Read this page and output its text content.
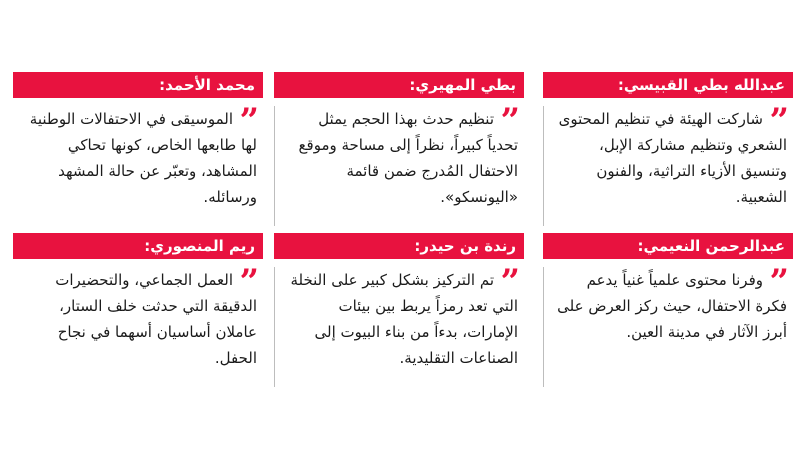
عبدالله بطي القبيسي:
”

شاركت الهيئة في تنظيم المحتوى الشعري وتنظيم مشاركة الإبل، وتنسيق الأزياء التراثية، والفنون الشعبية.

بطي المهيري:
”

تنظيم حدث بهذا الحجم يمثل تحدياً كبيراً، نظراً إلى مساحة وموقع الاحتفال المُدرج ضمن قائمة «اليونسكو».

محمد الأحمد:
”

الموسيقى في الاحتفالات الوطنية لها طابعها الخاص، كونها تحاكي المشاهد، وتعبّر عن حالة المشهد ورسائله.

عبدالرحمن النعيمي:
”

وفرنا محتوى علمياً غنياً يدعم فكرة الاحتفال، حيث ركز العرض على أبرز الآثار في مدينة العين.

رندة بن حيدر:
”

تم التركيز بشكل كبير على النخلة التي تعد رمزاً يربط بين بيئات الإمارات، بدءاً من بناء البيوت إلى الصناعات التقليدية.

ريم المنصوري:
”

العمل الجماعي، والتحضيرات الدقيقة التي حدثت خلف الستار، عاملان أساسيان أسهما في نجاح الحفل.
